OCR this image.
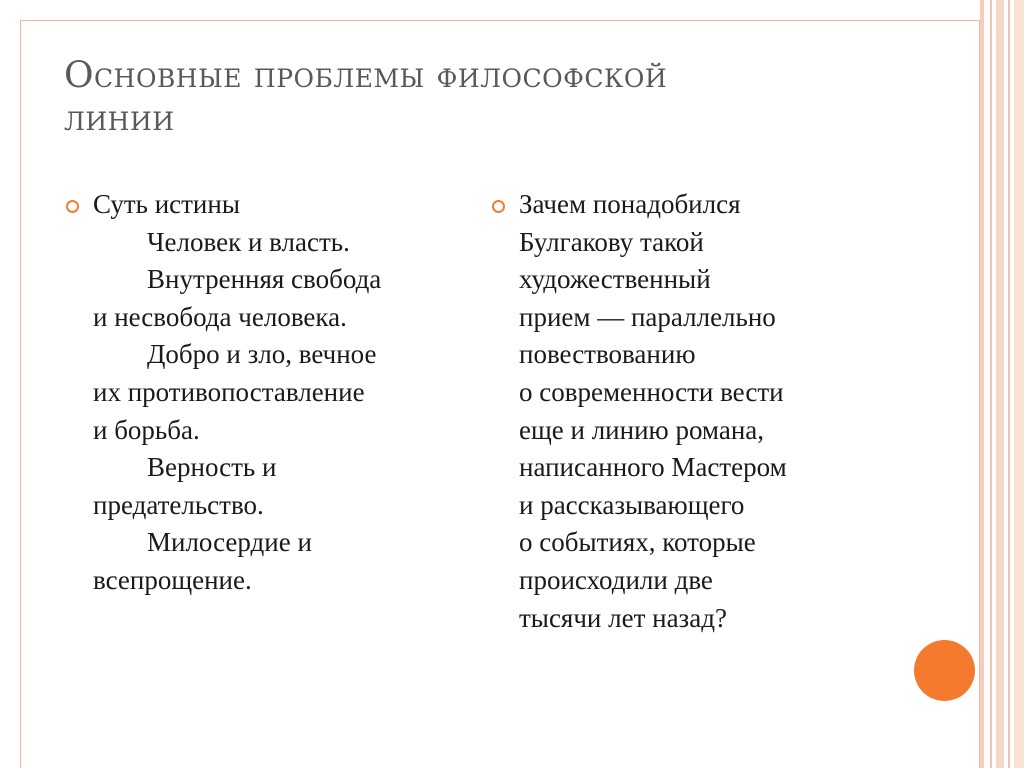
Основные проблемы философской
линии
Суть истины
Человек и власть.
Внутренняя свобода
и несвобода человека.
Добро и зло, вечное
их противопоставление
и борьба.
Верность и
предательство.
Милосердие и
всепрощение.
Зачем понадобился
Булгакову такой
художественный
прием — параллельно
повествованию
о современности вести
еще и линию романа,
написанного Мастером
и рассказывающего
о событиях, которые
происходили две
тысячи лет назад?
